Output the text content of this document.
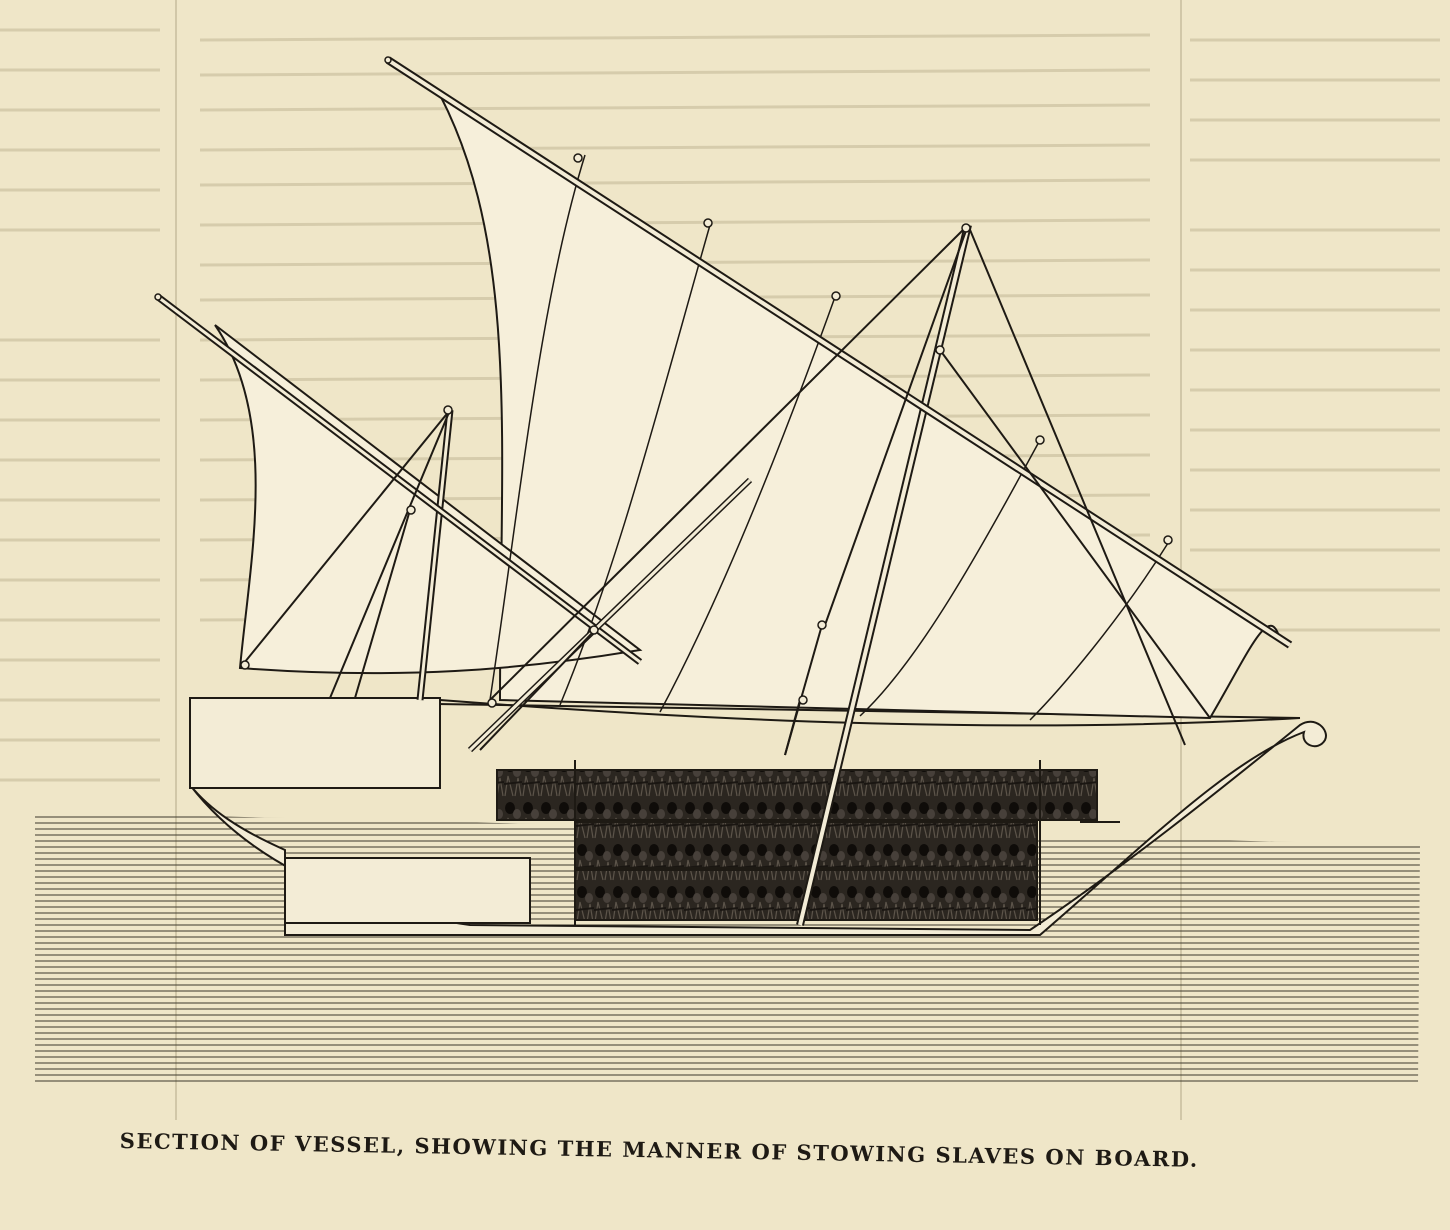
SECTION OF VESSEL, SHOWING THE MANNER OF STOWING SLAVES ON BOARD.
